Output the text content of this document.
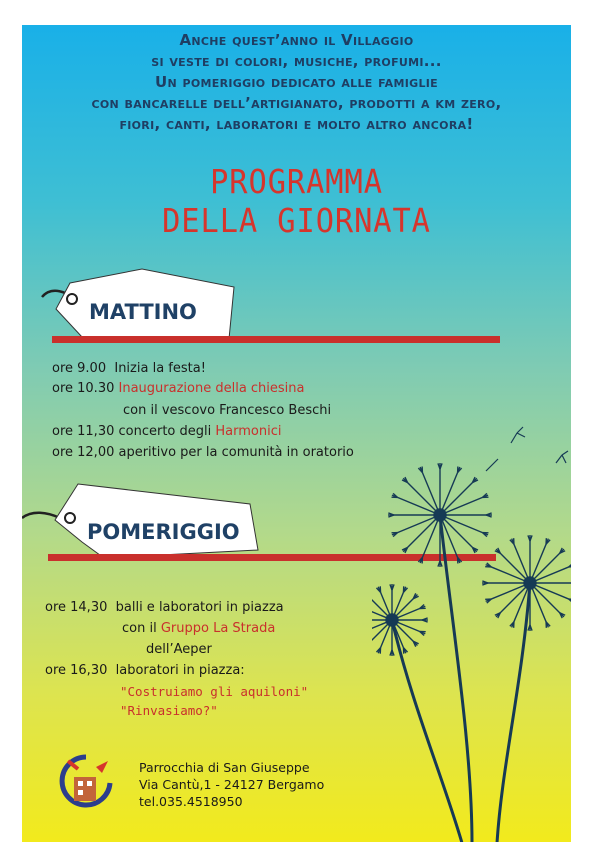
Anche quest’anno il Villaggio
si veste di colori, musiche, profumi...
Un pomeriggio dedicato alle famiglie
con bancarelle dell’artigianato, prodotti a km zero,
fiori, canti, laboratori e molto altro ancora!
PROGRAMMA
DELLA GIORNATA
MATTINO
ore 9.00 Inizia la festa!
ore 10.30 Inaugurazione della chiesina
con il vescovo Francesco Beschi
ore 11,30 concerto degli Harmonici
ore 12,00 aperitivo per la comunità in oratorio
POMERIGGIO
ore 14,30 balli e laboratori in piazza
con il Gruppo La Strada
dell’Aeper
ore 16,30 laboratori in piazza:
"Costruiamo gli aquiloni"
"Rinvasiamo?"
Parrocchia di San Giuseppe
Via Cantù,1 - 24127 Bergamo
tel.035.4518950
